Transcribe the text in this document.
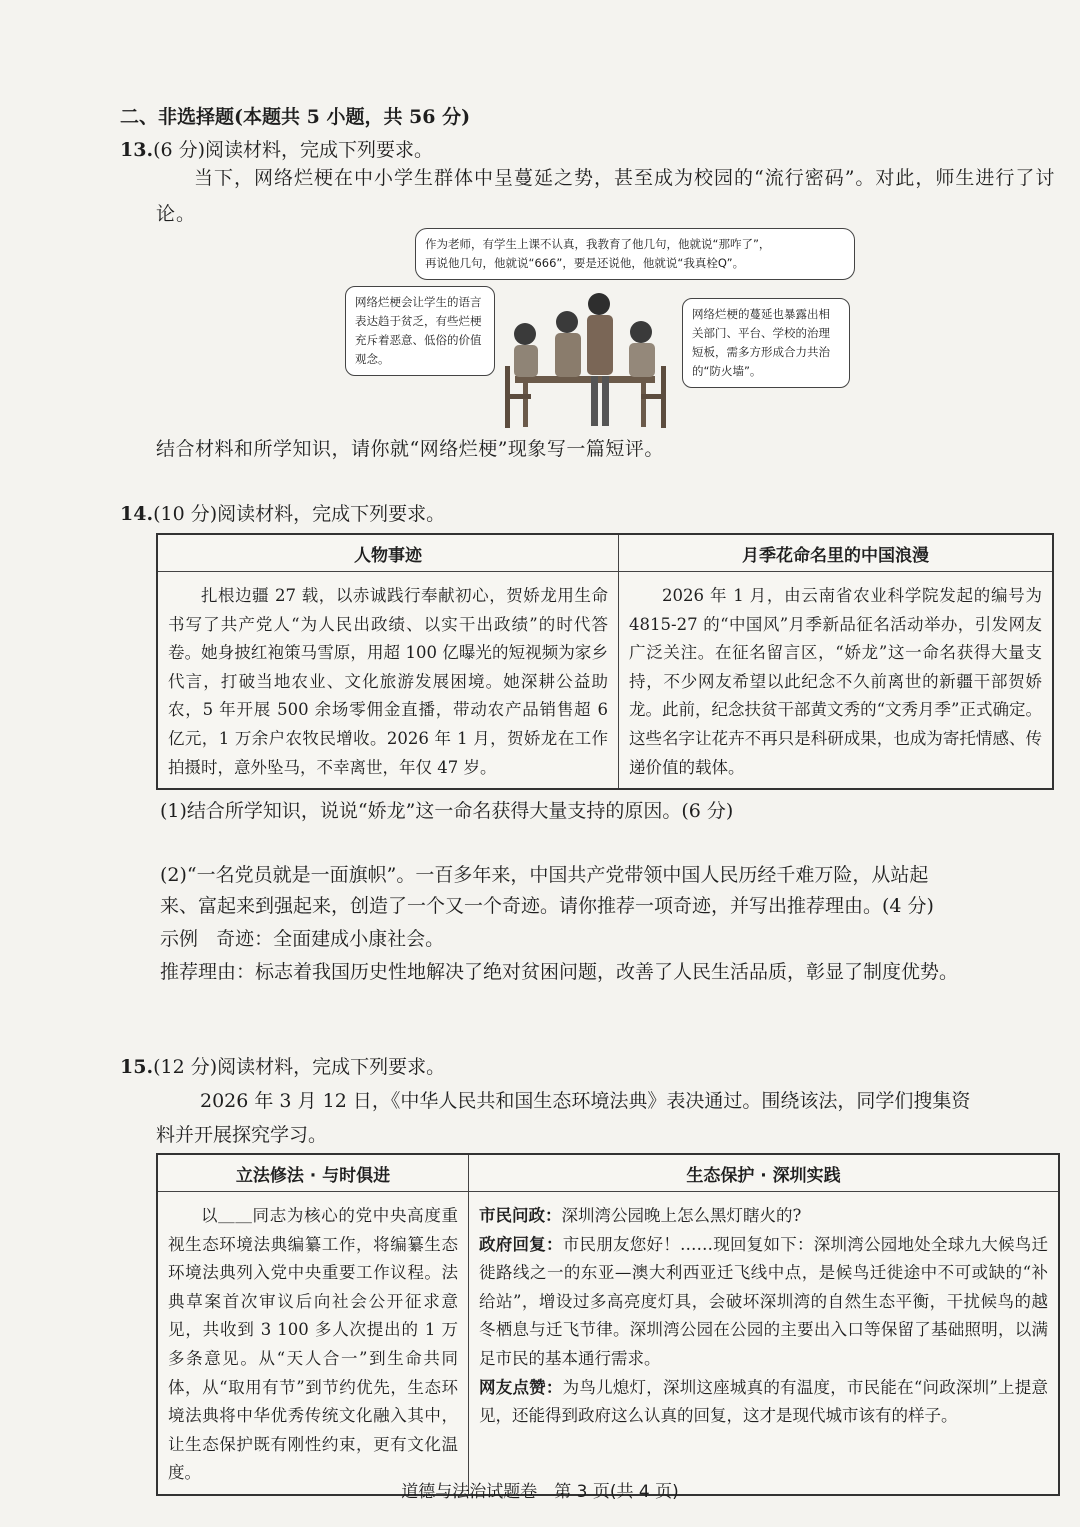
二、非选择题(本题共 5 小题，共 56 分)
13.(6 分)阅读材料，完成下列要求。
当下，网络烂梗在中小学生群体中呈蔓延之势，甚至成为校园的“流行密码”。对此，师生进行了讨论。
作为老师，有学生上课不认真，我教育了他几句，他就说“那咋了”，
再说他几句，他就说“666”，要是还说他，他就说“我真栓Q”。
网络烂梗会让学生的语言表达趋于贫乏，有些烂梗充斥着恶意、低俗的价值观念。
网络烂梗的蔓延也暴露出相关部门、平台、学校的治理短板，需多方形成合力共治的“防火墙”。
结合材料和所学知识，请你就“网络烂梗”现象写一篇短评。
14.(10 分)阅读材料，完成下列要求。
人物事迹	月季花命名里的中国浪漫
扎根边疆 27 载，以赤诚践行奉献初心，贺娇龙用生命书写了共产党人“为人民出政绩、以实干出政绩”的时代答卷。她身披红袍策马雪原，用超 100 亿曝光的短视频为家乡代言，打破当地农业、文化旅游发展困境。她深耕公益助农，5 年开展 500 余场零佣金直播，带动农产品销售超 6 亿元，1 万余户农牧民增收。2026 年 1 月，贺娇龙在工作拍摄时，意外坠马，不幸离世，年仅 47 岁。	2026 年 1 月，由云南省农业科学院发起的编号为 4815-27 的“中国风”月季新品征名活动举办，引发网友广泛关注。在征名留言区，“娇龙”这一命名获得大量支持，不少网友希望以此纪念不久前离世的新疆干部贺娇龙。此前，纪念扶贫干部黄文秀的“文秀月季”正式确定。这些名字让花卉不再只是科研成果，也成为寄托情感、传递价值的载体。
(1)结合所学知识，说说“娇龙”这一命名获得大量支持的原因。(6 分)
(2)“一名党员就是一面旗帜”。一百多年来，中国共产党带领中国人民历经千难万险，从站起
来、富起来到强起来，创造了一个又一个奇迹。请你推荐一项奇迹，并写出推荐理由。(4 分)
示例 奇迹：全面建成小康社会。
推荐理由：标志着我国历史性地解决了绝对贫困问题，改善了人民生活品质，彰显了制度优势。
15.(12 分)阅读材料，完成下列要求。
2026 年 3 月 12 日，《中华人民共和国生态环境法典》表决通过。围绕该法，同学们搜集资
料并开展探究学习。
立法修法 · 与时俱进	生态保护 · 深圳实践
以＿＿同志为核心的党中央高度重视生态环境法典编纂工作，将编纂生态环境法典列入党中央重要工作议程。法典草案首次审议后向社会公开征求意见，共收到 3 100 多人次提出的 1 万多条意见。从“天人合一”到生命共同体，从“取用有节”到节约优先，生态环境法典将中华优秀传统文化融入其中，让生态保护既有刚性约束，更有文化温度。	市民问政：深圳湾公园晚上怎么黑灯瞎火的?
政府回复：市民朋友您好！……现回复如下：深圳湾公园地处全球九大候鸟迁徙路线之一的东亚—澳大利西亚迁飞线中点，是候鸟迁徙途中不可或缺的“补给站”，增设过多高亮度灯具，会破坏深圳湾的自然生态平衡，干扰候鸟的越冬栖息与迁飞节律。深圳湾公园在公园的主要出入口等保留了基础照明，以满足市民的基本通行需求。
网友点赞：为鸟儿熄灯，深圳这座城真的有温度，市民能在“问政深圳”上提意见，还能得到政府这么认真的回复，这才是现代城市该有的样子。
道德与法治试题卷　第 3 页(共 4 页)
